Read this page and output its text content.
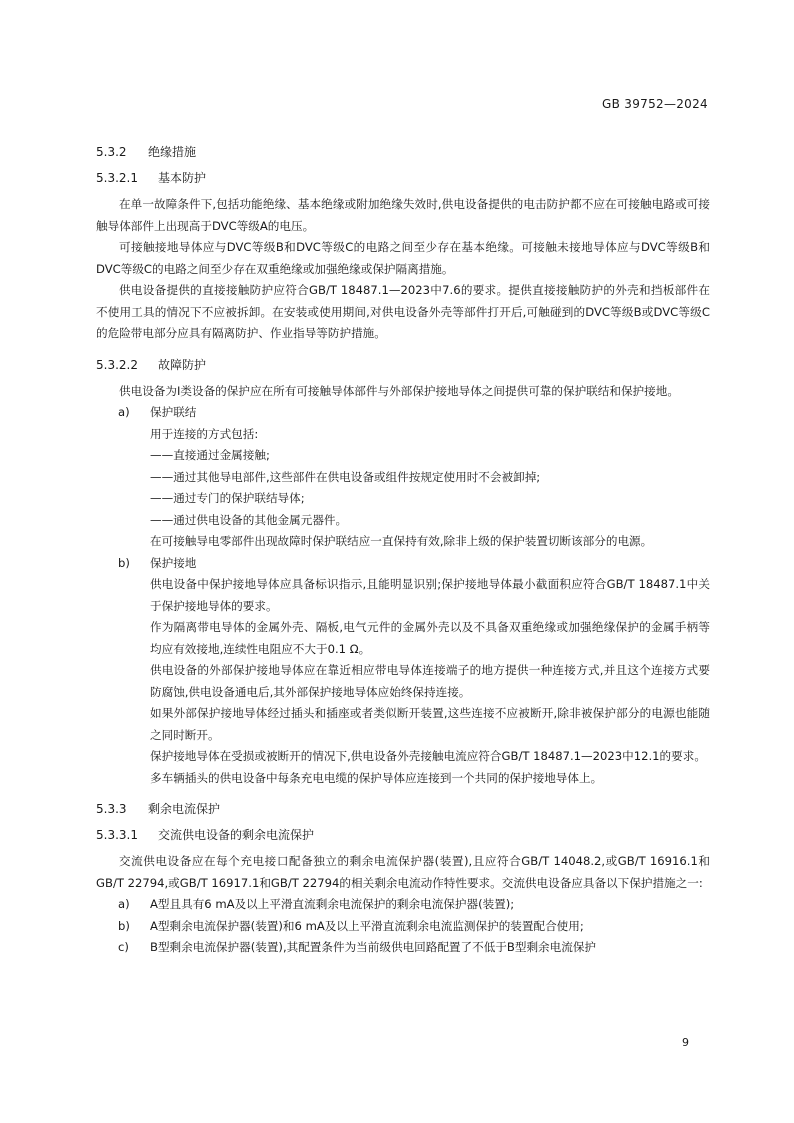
GB 39752—2024
5.3.2 绝缘措施
5.3.2.1 基本防护

在单一故障条件下,包括功能绝缘、基本绝缘或附加绝缘失效时,供电设备提供的电击防护都不应在可接触电路或可接触导体部件上出现高于DVC等级A的电压。

可接触接地导体应与DVC等级B和DVC等级C的电路之间至少存在基本绝缘。可接触未接地导体应与DVC等级B和DVC等级C的电路之间至少存在双重绝缘或加强绝缘或保护隔离措施。

供电设备提供的直接接触防护应符合GB/T 18487.1—2023中7.6的要求。提供直接接触防护的外壳和挡板部件在不使用工具的情况下不应被拆卸。在安装或使用期间,对供电设备外壳等部件打开后,可触碰到的DVC等级B或DVC等级C的危险带电部分应具有隔离防护、作业指导等防护措施。

5.3.2.2 故障防护

供电设备为Ⅰ类设备的保护应在所有可接触导体部件与外部保护接地导体之间提供可靠的保护联结和保护接地。

a) 保护联结
用于连接的方式包括:
——直接通过金属接触;
——通过其他导电部件,这些部件在供电设备或组件按规定使用时不会被卸掉;
——通过专门的保护联结导体;
——通过供电设备的其他金属元器件。
在可接触导电零部件出现故障时保护联结应一直保持有效,除非上级的保护装置切断该部分的电源。
b) 保护接地
供电设备中保护接地导体应具备标识指示,且能明显识别;保护接地导体最小截面积应符合GB/T 18487.1中关于保护接地导体的要求。
作为隔离带电导体的金属外壳、隔板,电气元件的金属外壳以及不具备双重绝缘或加强绝缘保护的金属手柄等均应有效接地,连续性电阻应不大于0.1 Ω。
供电设备的外部保护接地导体应在靠近相应带电导体连接端子的地方提供一种连接方式,并且这个连接方式要防腐蚀,供电设备通电后,其外部保护接地导体应始终保持连接。
如果外部保护接地导体经过插头和插座或者类似断开装置,这些连接不应被断开,除非被保护部分的电源也能随之同时断开。
保护接地导体在受损或被断开的情况下,供电设备外壳接触电流应符合GB/T 18487.1—2023中12.1的要求。
多车辆插头的供电设备中每条充电电缆的保护导体应连接到一个共同的保护接地导体上。
5.3.3 剩余电流保护
5.3.3.1 交流供电设备的剩余电流保护

交流供电设备应在每个充电接口配备独立的剩余电流保护器(装置),且应符合GB/T 14048.2,或GB/T 16916.1和GB/T 22794,或GB/T 16917.1和GB/T 22794的相关剩余电流动作特性要求。交流供电设备应具备以下保护措施之一:

a) A型且具有6 mA及以上平滑直流剩余电流保护的剩余电流保护器(装置);
b) A型剩余电流保护器(装置)和6 mA及以上平滑直流剩余电流监测保护的装置配合使用;
c) B型剩余电流保护器(装置),其配置条件为当前级供电回路配置了不低于B型剩余电流保护
9
